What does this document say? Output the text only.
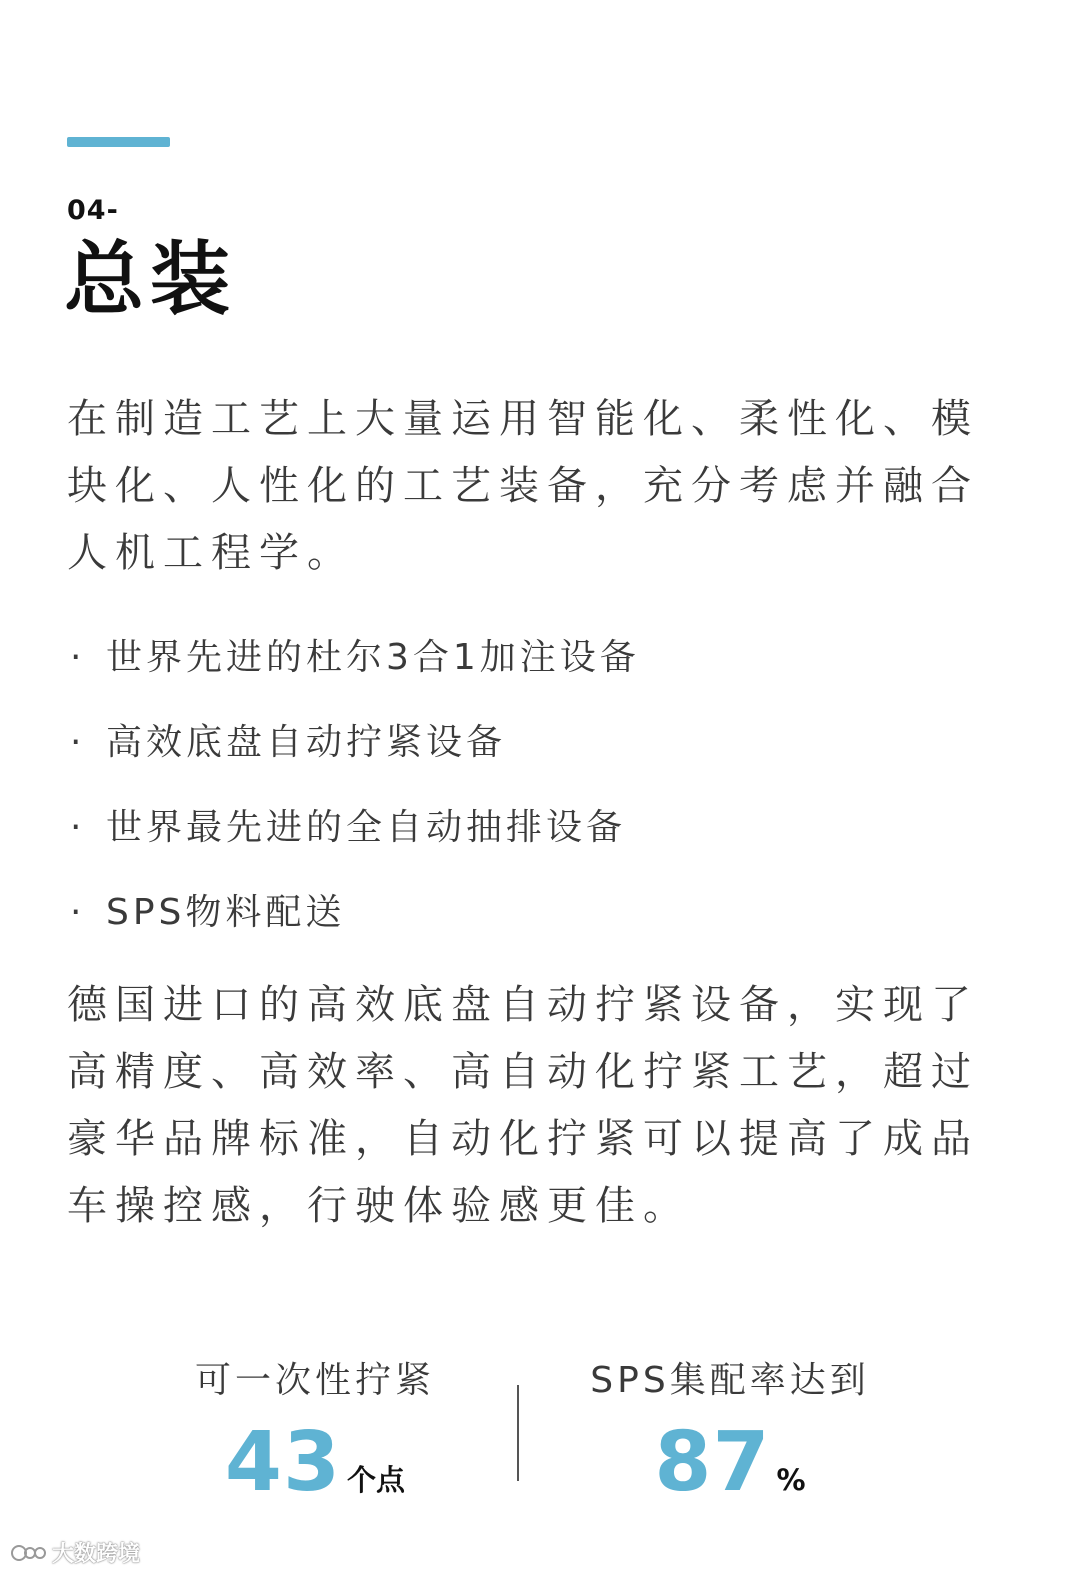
04-
总装

在制造工艺上大量运用智能化、柔性化、模块化、人性化的工艺装备，充分考虑并融合人机工程学。

· 世界先进的杜尔3合1加注设备
· 高效底盘自动拧紧设备
· 世界最先进的全自动抽排设备
· SPS物料配送

德国进口的高效底盘自动拧紧设备，实现了高精度、高效率、高自动化拧紧工艺，超过豪华品牌标准，自动化拧紧可以提高了成品车操控感，行驶体验感更佳。

可一次性拧紧
43 个点
SPS集配率达到
87 %
大数跨境
